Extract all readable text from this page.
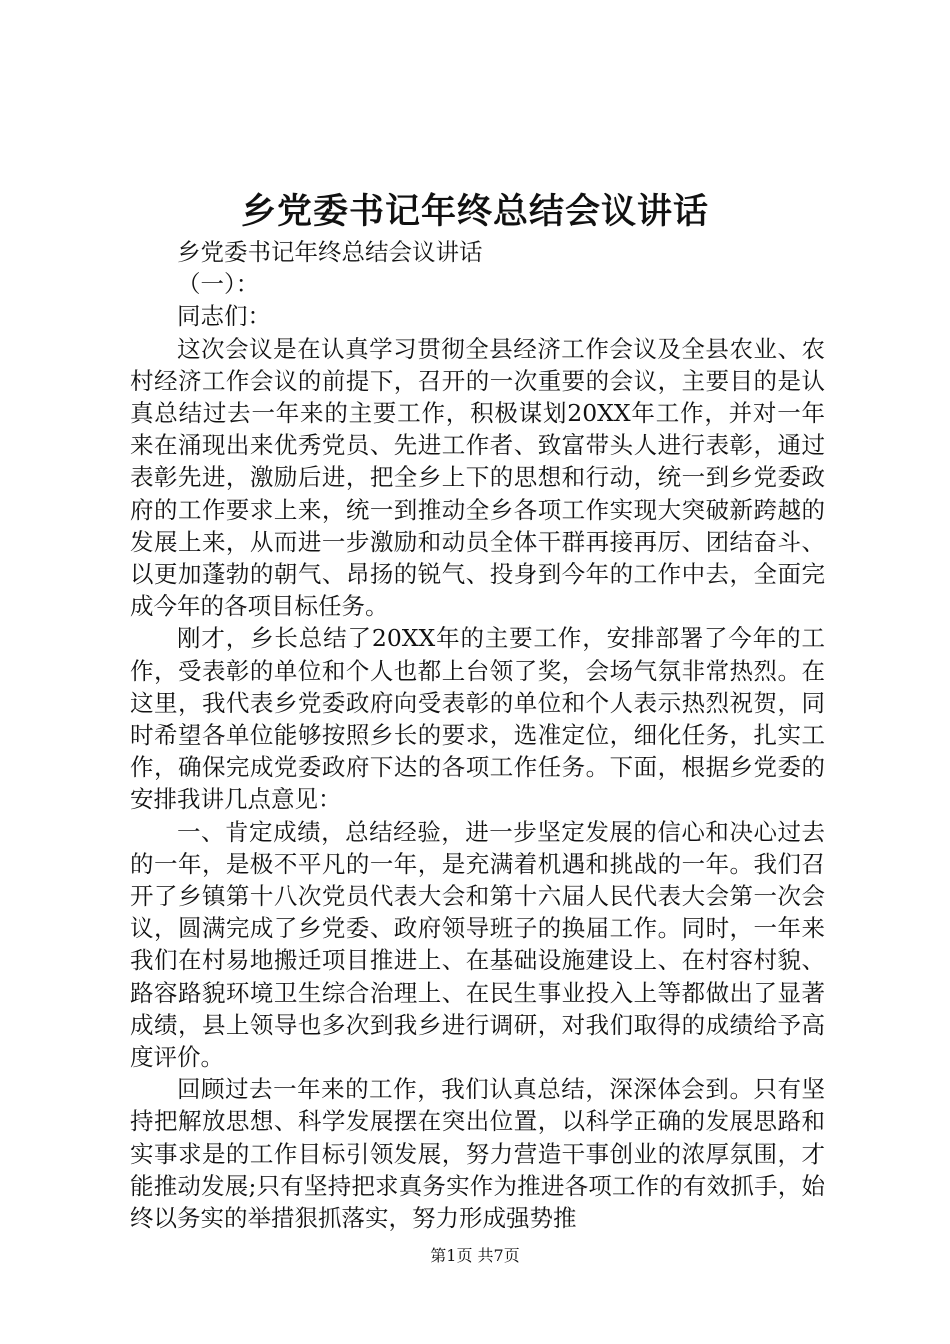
乡党委书记年终总结会议讲话

乡党委书记年终总结会议讲话

（一）：

同志们：

这次会议是在认真学习贯彻全县经济工作会议及全县农业、农村经济工作会议的前提下，召开的一次重要的会议，主要目的是认真总结过去一年来的主要工作，积极谋划20XX年工作，并对一年来在涌现出来优秀党员、先进工作者、致富带头人进行表彰，通过表彰先进，激励后进，把全乡上下的思想和行动，统一到乡党委政府的工作要求上来，统一到推动全乡各项工作实现大突破新跨越的发展上来，从而进一步激励和动员全体干群再接再厉、团结奋斗、以更加蓬勃的朝气、昂扬的锐气、投身到今年的工作中去，全面完成今年的各项目标任务。

刚才，乡长总结了20XX年的主要工作，安排部署了今年的工作，受表彰的单位和个人也都上台领了奖，会场气氛非常热烈。在这里，我代表乡党委政府向受表彰的单位和个人表示热烈祝贺，同时希望各单位能够按照乡长的要求，选准定位，细化任务，扎实工作，确保完成党委政府下达的各项工作任务。下面，根据乡党委的安排我讲几点意见：

一、肯定成绩，总结经验，进一步坚定发展的信心和决心过去的一年，是极不平凡的一年，是充满着机遇和挑战的一年。我们召开了乡镇第十八次党员代表大会和第十六届人民代表大会第一次会议，圆满完成了乡党委、政府领导班子的换届工作。同时，一年来我们在村易地搬迁项目推进上、在基础设施建设上、在村容村貌、路容路貌环境卫生综合治理上、在民生事业投入上等都做出了显著成绩，县上领导也多次到我乡进行调研，对我们取得的成绩给予高度评价。

回顾过去一年来的工作，我们认真总结，深深体会到。只有坚持把解放思想、科学发展摆在突出位置，以科学正确的发展思路和实事求是的工作目标引领发展，努力营造干事创业的浓厚氛围，才能推动发展;只有坚持把求真务实作为推进各项工作的有效抓手，始终以务实的举措狠抓落实，努力形成强势推

第1页 共7页
